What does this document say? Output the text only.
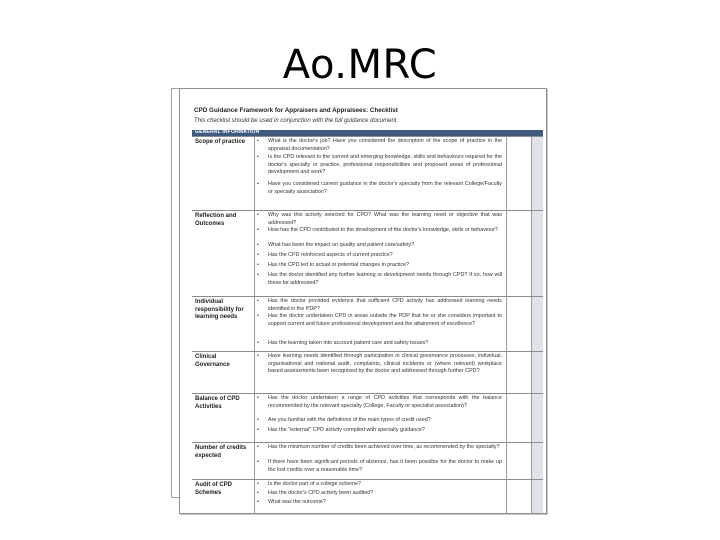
Ao.MRC
CPD Guidance Framework for Appraisers and Appraisees: Checklist
This checklist should be used in conjunction with the full guidance document.
GENERAL INFORMATION
Scope of practice	• What is the doctor's job? Have you considered the description of the scope of practice in the appraisal documentation?
• Is the CPD relevant to the current and emerging knowledge, skills and behaviours required for the doctor's specialty or practice, professional responsibilities and proposed areas of professional development and work?
• Have you considered current guidance in the doctor's specialty from the relevant College/Faculty or specialty association?
Reflection and Outcomes
• Why was this activity selected for CPD? What was the learning need or objective that was addressed?
• How has the CPD contributed to the development of the doctor's knowledge, skills or behaviour?
• What has been the impact on quality and patient care/safety?
• Has the CPD reinforced aspects of current practice?
• Has the CPD led to actual or potential changes in practice?
• Has the doctor identified any further learning or development needs through CPD? If so, how will these be addressed?
Individual responsibility for learning needs
• Has the doctor provided evidence that sufficient CPD activity has addressed learning needs identified in the PDP?
• Has the doctor undertaken CPD in areas outside the PDP that he or she considers important to support current and future professional development and the attainment of excellence?
• Has the learning taken into account patient care and safety issues?
Clinical Governance
• Have learning needs identified through participation in clinical governance processes, individual, organisational and national audit, complaints, clinical incidents or (where relevant) workplace based assessments been recognised by the doctor and addressed through further CPD?
Balance of CPD Activities
• Has the doctor undertaken a range of CPD activities that corresponds with the balance recommended by the relevant specialty (College, Faculty or specialist association)?
• Are you familiar with the definitions of the main types of credit used?
• Has the "external" CPD activity complied with specialty guidance?
Number of credits expected
• Has the minimum number of credits been achieved over time, as recommended by the specialty?
• If there have been significant periods of absence, has it been possible for the doctor to make up the lost credits over a reasonable time?
Audit of CPD Schemes
• Is the doctor part of a college scheme?
• Has the doctor's CPD activity been audited?
• What was the outcome?
